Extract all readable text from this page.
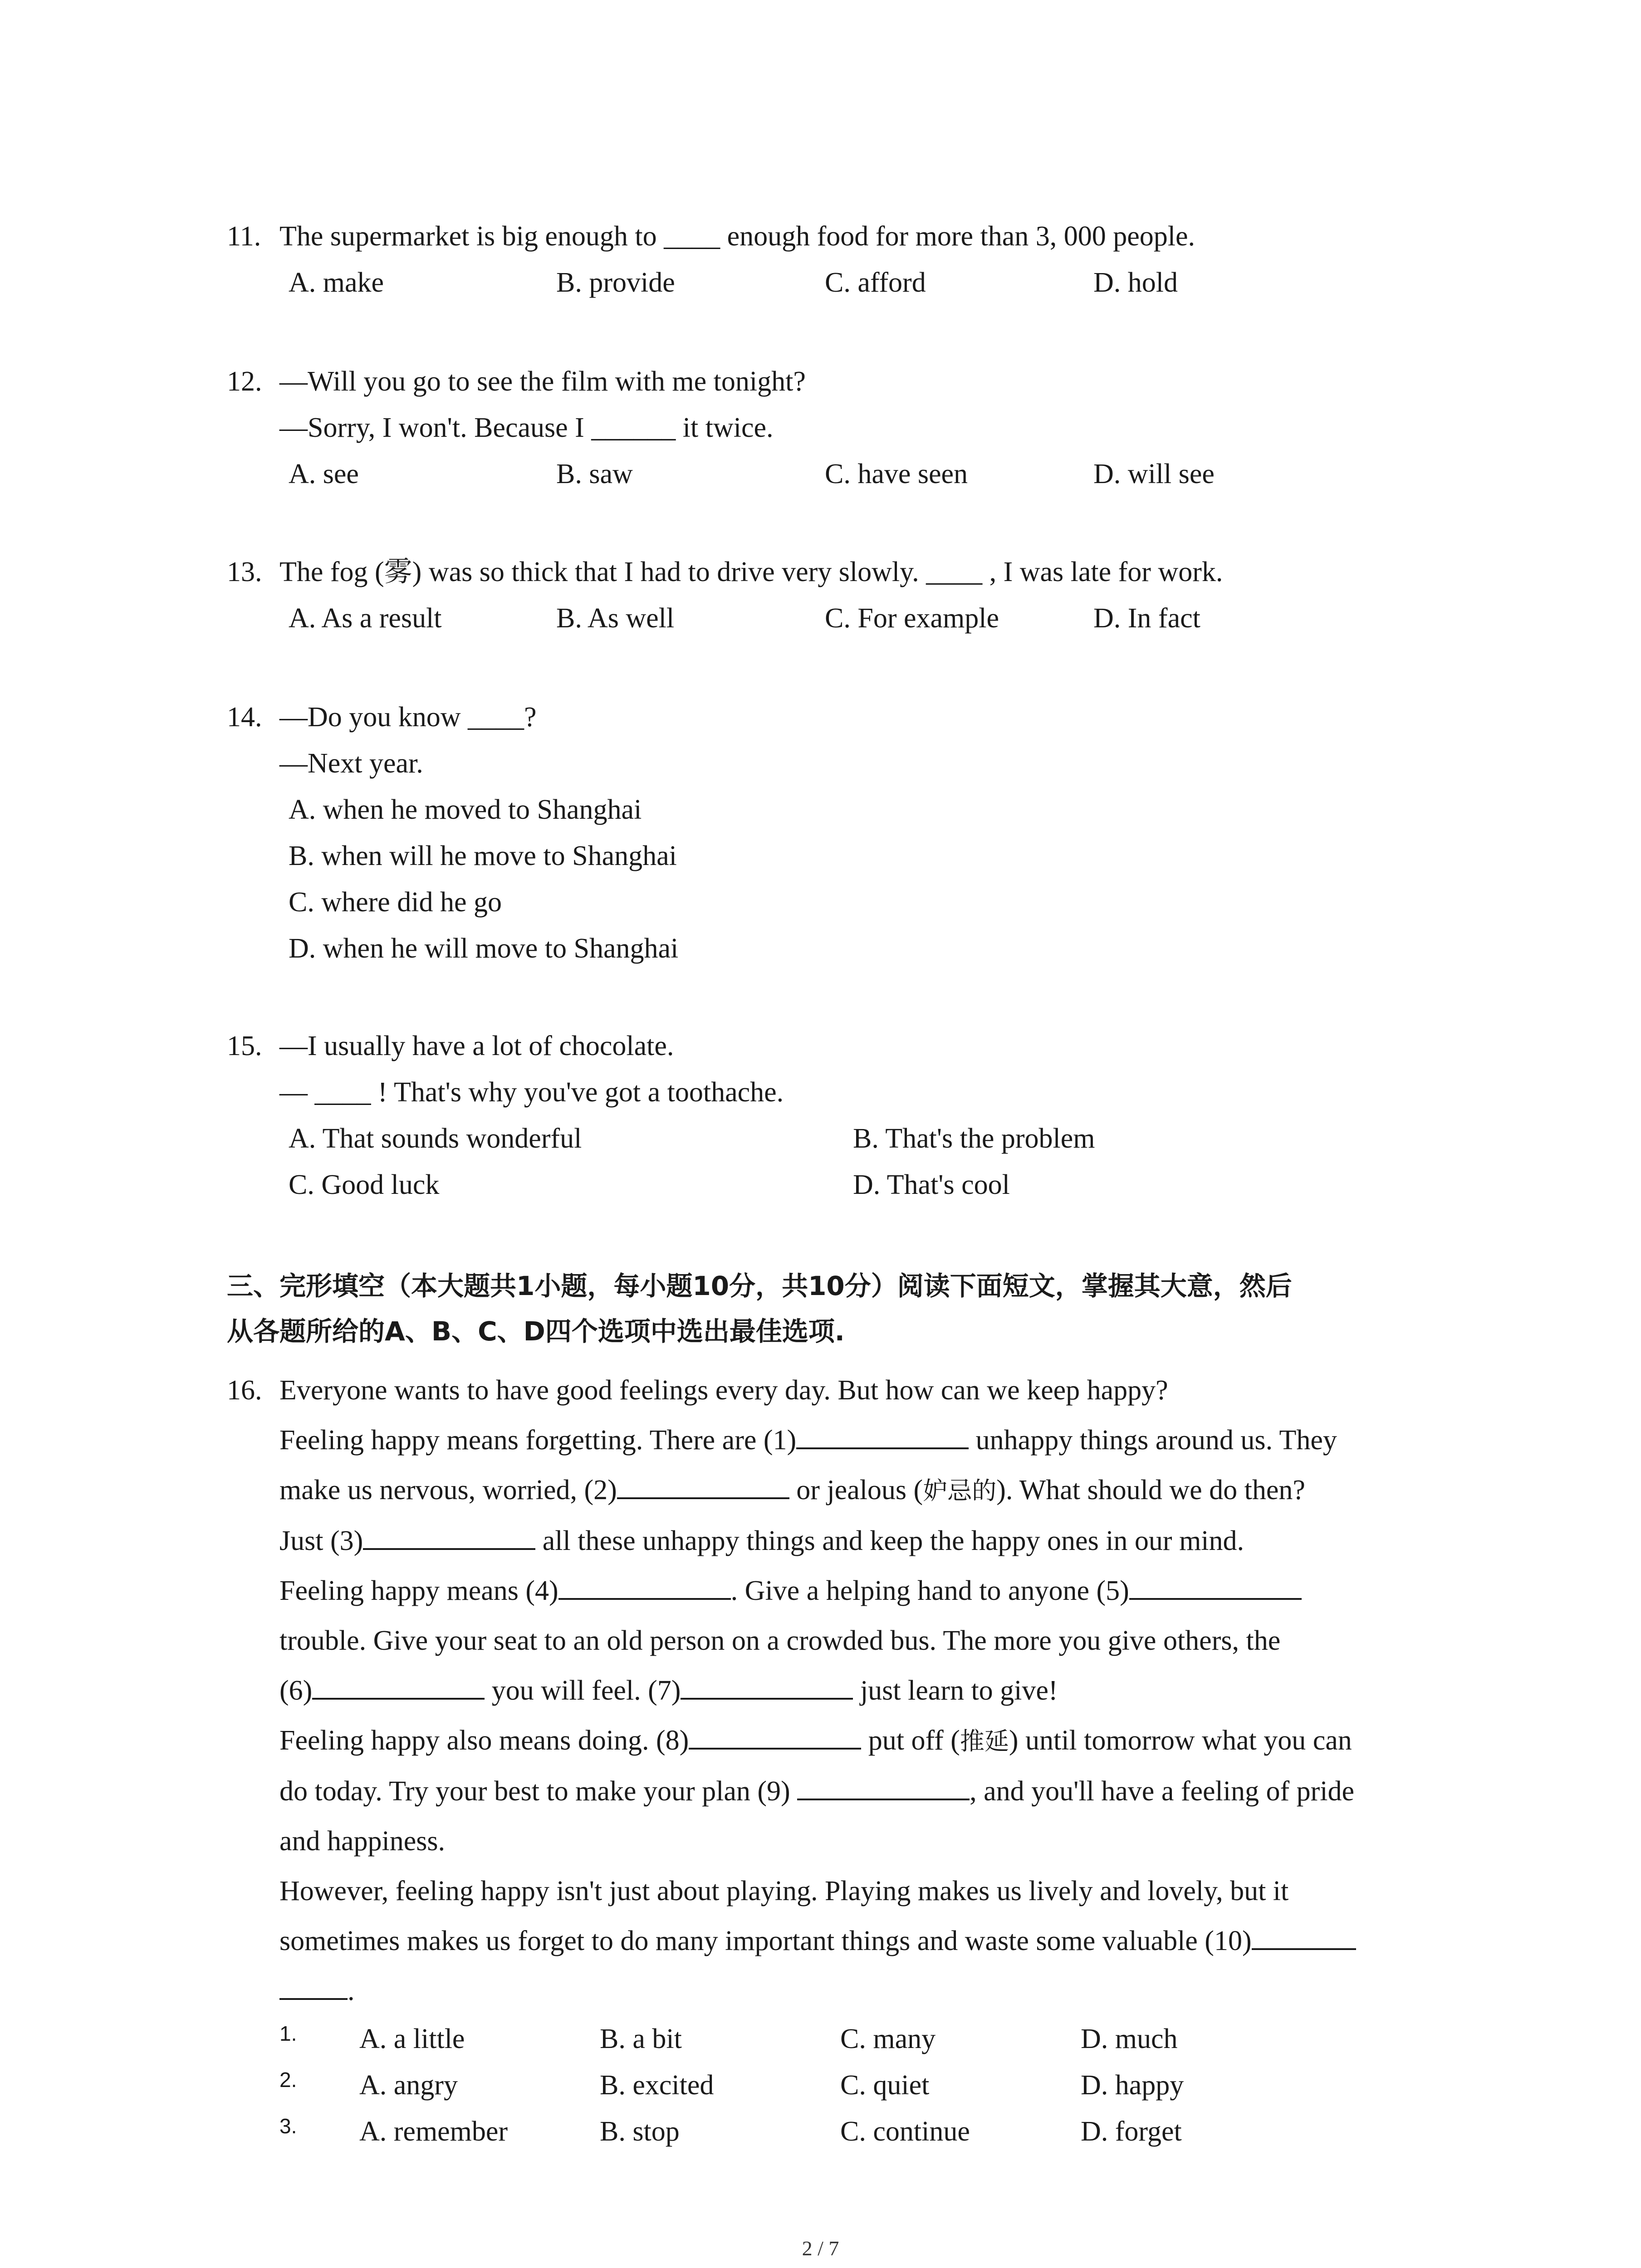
11. The supermarket is big enough to ____ enough food for more than 3, 000 people.
A. make	B. provide	C. afford	D. hold
12. —Will you go to see the film with me tonight?
—Sorry, I won't. Because I ______ it twice.
A. see	B. saw	C. have seen	D. will see
13. The fog (雾) was so thick that I had to drive very slowly. ____ , I was late for work.
A. As a result	B. As well	C. For example	D. In fact
14. —Do you know ____?
—Next year.
A. when he moved to Shanghai
B. when will he move to Shanghai
C. where did he go
D. when he will move to Shanghai
15. —I usually have a lot of chocolate.
— ____ ! That's why you've got a toothache.
A. That sounds wonderful	B. That's the problem
C. Good luck	D. That's cool
三、完形填空（本大题共1小题，每小题10分，共10分）阅读下面短文，掌握其大意，然后
从各题所给的A、B、C、D四个选项中选出最佳选项.
16. Everyone wants to have good feelings every day. But how can we keep happy?
Feeling happy means forgetting. There are (1)	unhappy things around us. They
make us nervous, worried, (2)	or jealous (妒忌的). What should we do then?
Just (3)	all these unhappy things and keep the happy ones in our mind.
Feeling happy means (4)	. Give a helping hand to anyone (5)
trouble. Give your seat to an old person on a crowded bus. The more you give others, the
(6)	you will feel. (7)	just learn to give!
Feeling happy also means doing. (8)	put off (推延) until tomorrow what you can
do today. Try your best to make your plan (9)	, and you'll have a feeling of pride
and happiness.
However, feeling happy isn't just about playing. Playing makes us lively and lovely, but it
sometimes makes us forget to do many important things and waste some valuable (10)
.
1. A. a little	B. a bit	C. many	D. much
2. A. angry	B. excited	C. quiet	D. happy
3. A. remember	B. stop	C. continue	D. forget
2 / 7
